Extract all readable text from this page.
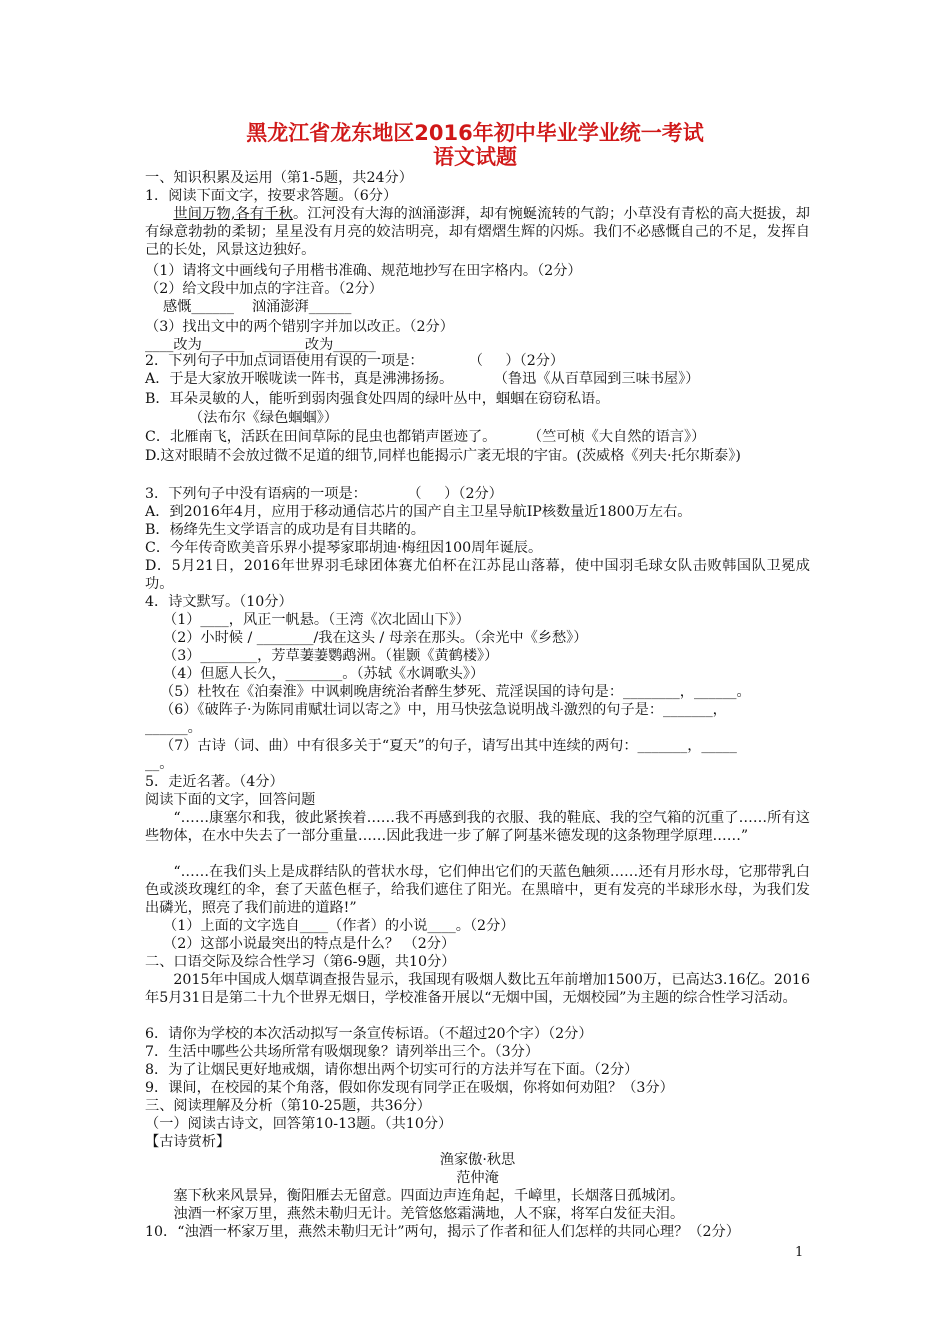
黑龙江省龙东地区2016年初中毕业学业统一考试
语文试题

一、知识积累及运用（第1-5题，共24分）

1．阅读下面文字，按要求答题。（6分）

世间万物,各有千秋。江河没有大海的汹涌澎湃，却有惋蜒流转的气韵；小草没有青松的高大挺拔，却有绿意勃勃的柔韧；星星没有月亮的姣洁明亮，却有熠熠生辉的闪烁。我们不必感慨自己的不足，发挥自己的长处，风景这边独好。

（1）请将文中画线句子用楷书准确、规范地抄写在田字格内。（2分）

（2）给文段中加点的字注音。（2分）

感慨______    汹涌澎湃______

（3）找出文中的两个错别字并加以改正。（2分）

____改为______    ______改为______

2．下列句子中加点词语使用有误的一项是：          （     ）（2分）

A．于是大家放开喉咙读一阵书，真是沸沸扬扬。         （鲁迅《从百草园到三味书屋》）

B．耳朵灵敏的人，能听到弱肉强食处四周的绿叶丛中，蝈蝈在窃窃私语。

（法布尔《绿色蝈蝈》）

C．北雁南飞，活跃在田间草际的昆虫也都销声匿迹了。       （竺可桢《大自然的语言》）

D.这对眼睛不会放过微不足道的细节,同样也能揭示广袤无垠的宇宙。(茨威格《列夫·托尔斯泰》)

3．下列句子中没有语病的一项是：         （     ）（2分）

A．到2016年4月，应用于移动通信芯片的国产自主卫星导航IP核数量近1800万左右。

B．杨绛先生文学语言的成功是有目共睹的。

C．今年传奇欧美音乐界小提琴家耶胡迪·梅纽因100周年诞辰。

D．5月21日，2016年世界羽毛球团体赛尤伯杯在江苏昆山落幕，使中国羽毛球女队击败韩国队卫冕成功。

4．诗文默写。（10分）

（1）____，风正一帆悬。（王湾《次北固山下》）

（2）小时候 / ________/我在这头 / 母亲在那头。（余光中《乡愁》）

（3）________，芳草萋萋鹦鹉洲。（崔颢《黄鹤楼》）

（4）但愿人长久，________。（苏轼《水调歌头》）

（5）杜牧在《泊秦淮》中讽刺晚唐统治者醉生梦死、荒淫误国的诗句是：________，______。

（6）《破阵子·为陈同甫赋壮词以寄之》中，用马快弦急说明战斗激烈的句子是：_______，

______。

（7）古诗（词、曲）中有很多关于“夏天”的句子，请写出其中连续的两句：_______，_____

__。

5．走近名著。（4分）

阅读下面的文字，回答问题

“……康塞尔和我，彼此紧挨着……我不再感到我的衣服、我的鞋底、我的空气箱的沉重了……所有这些物体，在水中失去了一部分重量……因此我进一步了解了阿基米德发现的这条物理学原理……”

“……在我们头上是成群结队的菅状水母，它们伸出它们的天蓝色触须……还有月形水母，它那带乳白色或淡玫瑰红的伞，套了天蓝色框子，给我们遮住了阳光。在黑暗中，更有发亮的半球形水母，为我们发出磷光，照亮了我们前进的道路!”

（1）上面的文字选自____（作者）的小说____。（2分）

（2）这部小说最突出的特点是什么？ （2分）

二、口语交际及综合性学习（第6-9题，共10分）

2015年中国成人烟草调查报告显示，我国现有吸烟人数比五年前增加1500万，已高达3.16亿。2016年5月31日是第二十九个世界无烟日，学校准备开展以“无烟中国，无烟校园”为主题的综合性学习活动。

6．请你为学校的本次活动拟写一条宣传标语。（不超过20个字）（2分）

7．生活中哪些公共场所常有吸烟现象？请列举出三个。（3分）

8．为了让烟民更好地戒烟，请你想出两个切实可行的方法并写在下面。（2分）

9．课间，在校园的某个角落，假如你发现有同学正在吸烟，你将如何劝阻？（3分）

三、阅读理解及分析（第10-25题，共36分）

（一）阅读古诗文，回答第10-13题。（共10分）

【古诗赏析】

渔家傲·秋思

范仲淹

塞下秋来风景异，衡阳雁去无留意。四面边声连角起，千嶂里，长烟落日孤城闭。

浊酒一杯家万里，燕然未勒归无计。羌管悠悠霜满地，人不寐，将军白发征夫泪。

10．“浊酒一杯家万里，燕然未勒归无计”两句，揭示了作者和征人们怎样的共同心理？（2分）

1
